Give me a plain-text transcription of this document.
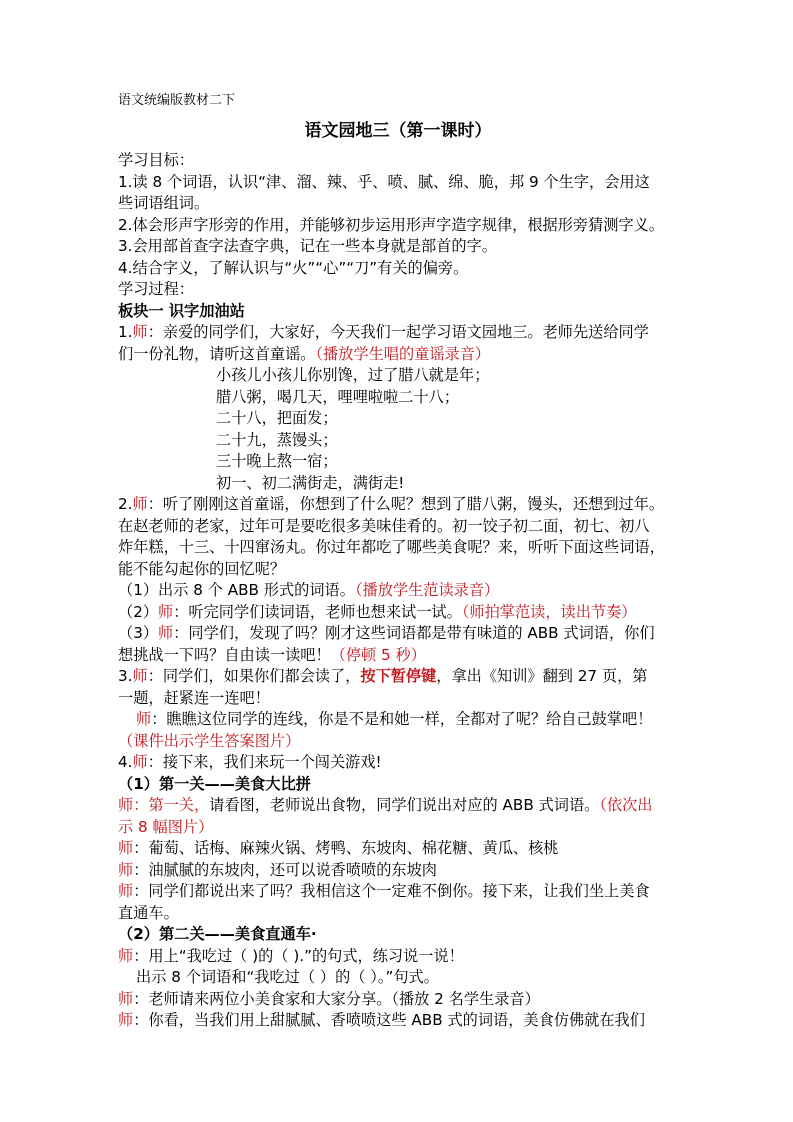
语文统编版教材二下
语文园地三（第一课时）
学习目标：
1.读 8 个词语，认识“津、溜、辣、乎、喷、腻、绵、脆，邦 9 个生字，会用这
些词语组词。
2.体会形声字形旁的作用，并能够初步运用形声字造字规律，根据形旁猜测字义。
3.会用部首查字法查字典，记在一些本身就是部首的字。
4.结合字义，了解认识与“火”“心”“刀”有关的偏旁。
学习过程：
板块一 识字加油站
1.师：亲爱的同学们，大家好，今天我们一起学习语文园地三。老师先送给同学
们一份礼物，请听这首童谣。（播放学生唱的童谣录音）
小孩儿小孩儿你别馋，过了腊八就是年；
腊八粥，喝几天，哩哩啦啦二十八；
二十八，把面发；
二十九，蒸馒头；
三十晚上熬一宿；
初一、初二满街走，满街走!
2.师：听了刚刚这首童谣，你想到了什么呢？想到了腊八粥，馒头，还想到过年。
在赵老师的老家，过年可是要吃很多美味佳肴的。初一饺子初二面，初七、初八
炸年糕，十三、十四窜汤丸。你过年都吃了哪些美食呢？来，听听下面这些词语，
能不能勾起你的回忆呢？
（1）出示 8 个 ABB 形式的词语。（播放学生范读录音）
（2）师：听完同学们读词语，老师也想来试一试。（师拍掌范读，读出节奏）
（3）师：同学们，发现了吗？刚才这些词语都是带有味道的 ABB 式词语，你们
想挑战一下吗？自由读一读吧！（停顿 5 秒）
3.师：同学们，如果你们都会读了，按下暂停键，拿出《知训》翻到 27 页，第
一题，赶紧连一连吧！
师：瞧瞧这位同学的连线，你是不是和她一样，全都对了呢？给自己鼓掌吧！
（课件出示学生答案图片）
4.师：接下来，我们来玩一个闯关游戏!
（1）第一关——美食大比拼
师：第一关，请看图，老师说出食物，同学们说出对应的 ABB 式词语。（依次出
示 8 幅图片）
师：葡萄、话梅、麻辣火锅、烤鸭、东坡肉、棉花糖、黄瓜、核桃
师：油腻腻的东坡肉，还可以说香喷喷的东坡肉
师：同学们都说出来了吗？我相信这个一定难不倒你。接下来，让我们坐上美食
直通车。
（2）第二关——美食直通车·
师：用上“我吃过（ )的（ ).”的句式，练习说一说！
出示 8 个词语和“我吃过（ ）的（ ）。”句式。
师：老师请来两位小美食家和大家分享。（播放 2 名学生录音）
师：你看，当我们用上甜腻腻、香喷喷这些 ABB 式的词语，美食仿佛就在我们
